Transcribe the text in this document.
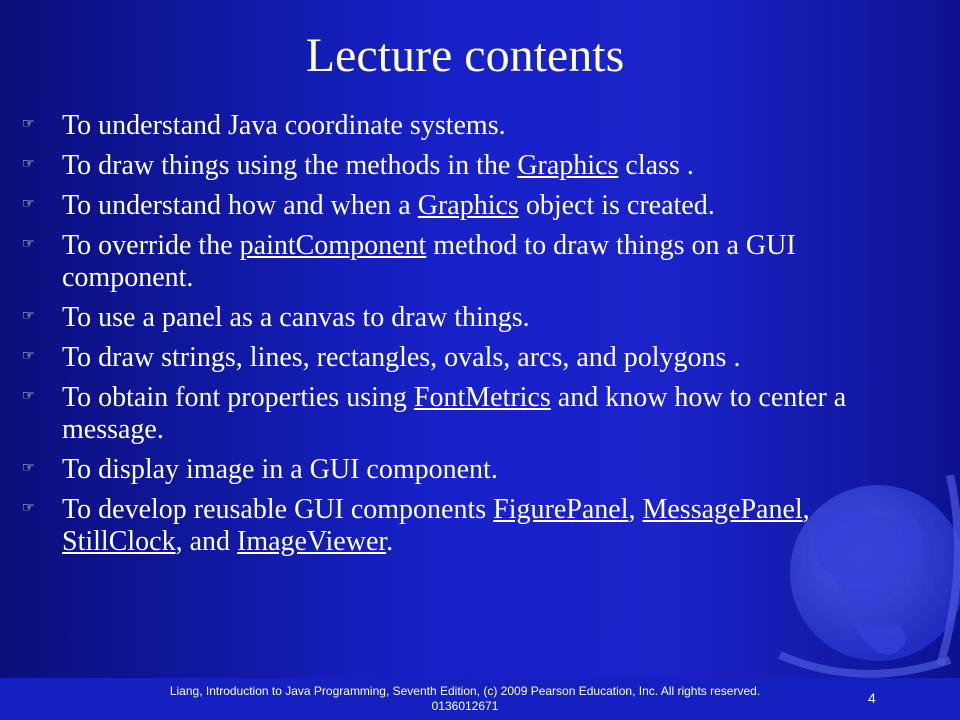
Lecture contents
☞ To understand Java coordinate systems.
☞ To draw things using the methods in the Graphics class .
☞ To understand how and when a Graphics object is created.
☞ To override the paintComponent method to draw things on a GUI component.
☞ To use a panel as a canvas to draw things.
☞ To draw strings, lines, rectangles, ovals, arcs, and polygons .
☞ To obtain font properties using FontMetrics and know how to center a message.
☞ To display image in a GUI component.
☞ To develop reusable GUI components FigurePanel, MessagePanel, StillClock, and ImageViewer.
Liang, Introduction to Java Programming, Seventh Edition, (c) 2009 Pearson Education, Inc. All rights reserved. 0136012671	4
